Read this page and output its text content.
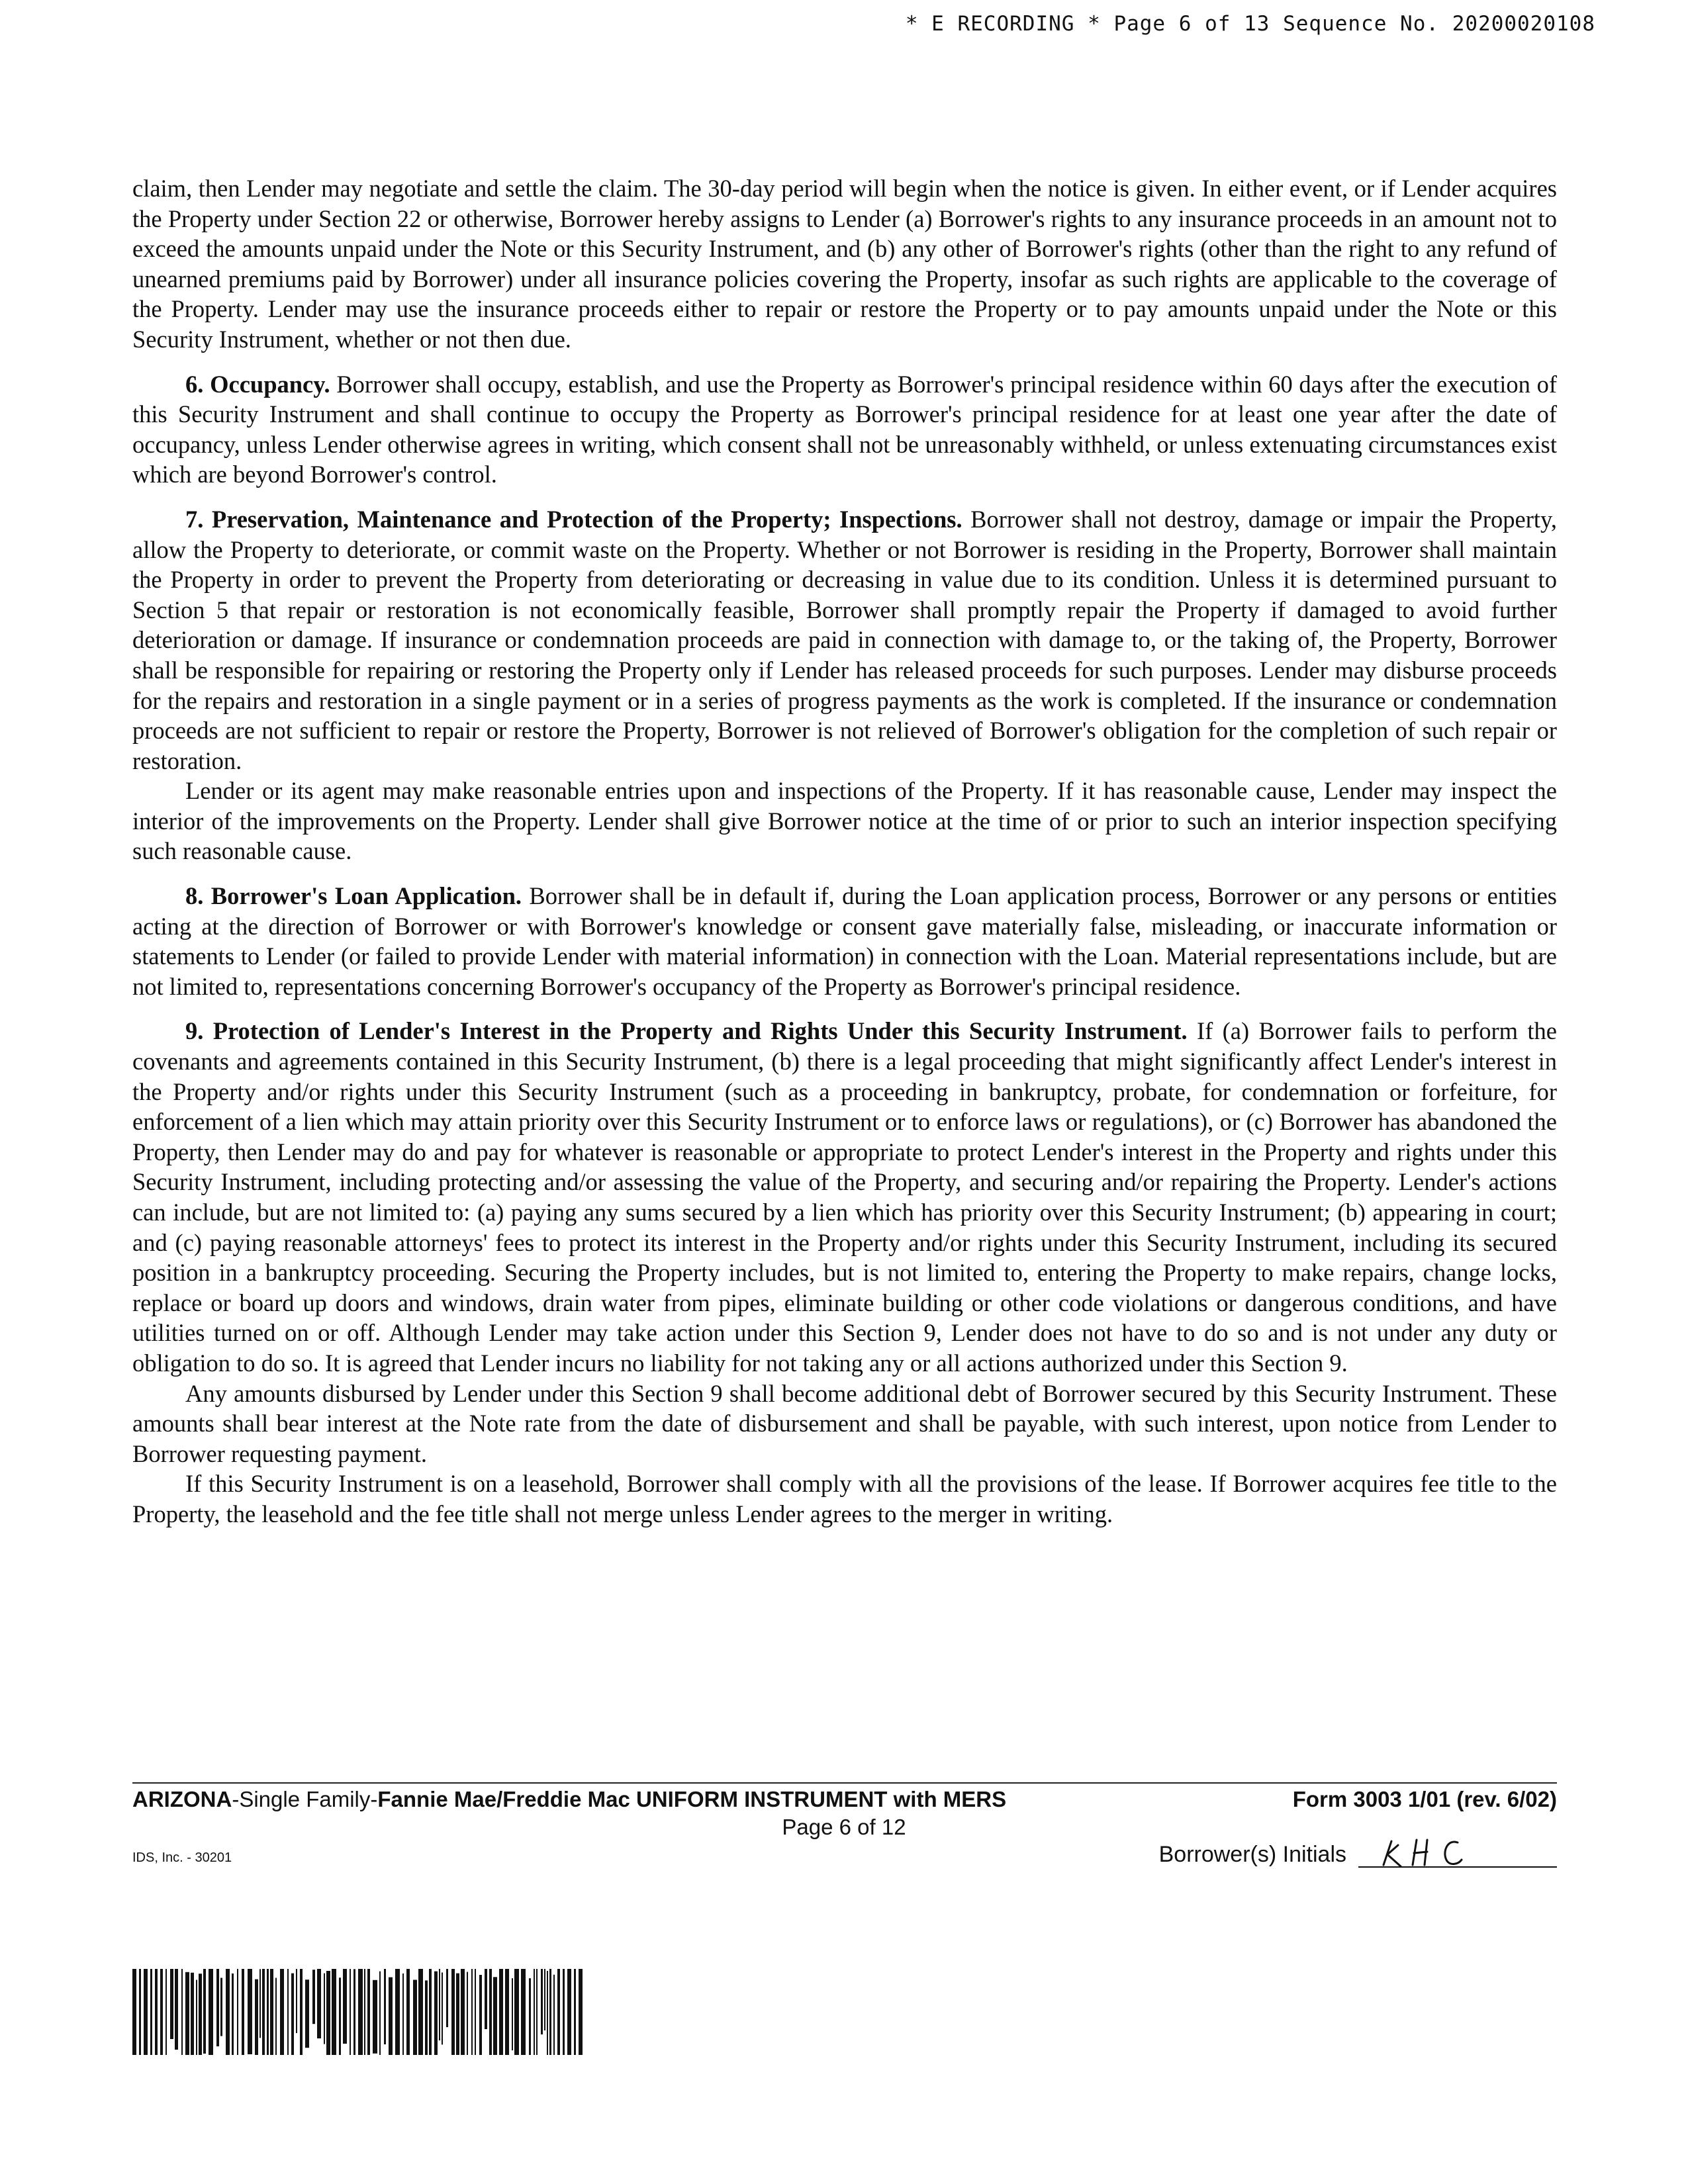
* E RECORDING * Page 6 of 13 Sequence No. 20200020108

claim, then Lender may negotiate and settle the claim. The 30-day period will begin when the notice is given. In either event, or if Lender acquires the Property under Section 22 or otherwise, Borrower hereby assigns to Lender (a) Borrower's rights to any insurance proceeds in an amount not to exceed the amounts unpaid under the Note or this Security Instrument, and (b) any other of Borrower's rights (other than the right to any refund of unearned premiums paid by Borrower) under all insurance policies covering the Property, insofar as such rights are applicable to the coverage of the Property. Lender may use the insurance proceeds either to repair or restore the Property or to pay amounts unpaid under the Note or this Security Instrument, whether or not then due.

6. Occupancy. Borrower shall occupy, establish, and use the Property as Borrower's principal residence within 60 days after the execution of this Security Instrument and shall continue to occupy the Property as Borrower's principal residence for at least one year after the date of occupancy, unless Lender otherwise agrees in writing, which consent shall not be unreasonably withheld, or unless extenuating circumstances exist which are beyond Borrower's control.

7. Preservation, Maintenance and Protection of the Property; Inspections. Borrower shall not destroy, damage or impair the Property, allow the Property to deteriorate, or commit waste on the Property. Whether or not Borrower is residing in the Property, Borrower shall maintain the Property in order to prevent the Property from deteriorating or decreasing in value due to its condition. Unless it is determined pursuant to Section 5 that repair or restoration is not economically feasible, Borrower shall promptly repair the Property if damaged to avoid further deterioration or damage. If insurance or condemnation proceeds are paid in connection with damage to, or the taking of, the Property, Borrower shall be responsible for repairing or restoring the Property only if Lender has released proceeds for such purposes. Lender may disburse proceeds for the repairs and restoration in a single payment or in a series of progress payments as the work is completed. If the insurance or condemnation proceeds are not sufficient to repair or restore the Property, Borrower is not relieved of Borrower's obligation for the completion of such repair or restoration.

Lender or its agent may make reasonable entries upon and inspections of the Property. If it has reasonable cause, Lender may inspect the interior of the improvements on the Property. Lender shall give Borrower notice at the time of or prior to such an interior inspection specifying such reasonable cause.

8. Borrower's Loan Application. Borrower shall be in default if, during the Loan application process, Borrower or any persons or entities acting at the direction of Borrower or with Borrower's knowledge or consent gave materially false, misleading, or inaccurate information or statements to Lender (or failed to provide Lender with material information) in connection with the Loan. Material representations include, but are not limited to, representations concerning Borrower's occupancy of the Property as Borrower's principal residence.

9. Protection of Lender's Interest in the Property and Rights Under this Security Instrument. If (a) Borrower fails to perform the covenants and agreements contained in this Security Instrument, (b) there is a legal proceeding that might significantly affect Lender's interest in the Property and/or rights under this Security Instrument (such as a proceeding in bankruptcy, probate, for condemnation or forfeiture, for enforcement of a lien which may attain priority over this Security Instrument or to enforce laws or regulations), or (c) Borrower has abandoned the Property, then Lender may do and pay for whatever is reasonable or appropriate to protect Lender's interest in the Property and rights under this Security Instrument, including protecting and/or assessing the value of the Property, and securing and/or repairing the Property. Lender's actions can include, but are not limited to: (a) paying any sums secured by a lien which has priority over this Security Instrument; (b) appearing in court; and (c) paying reasonable attorneys' fees to protect its interest in the Property and/or rights under this Security Instrument, including its secured position in a bankruptcy proceeding. Securing the Property includes, but is not limited to, entering the Property to make repairs, change locks, replace or board up doors and windows, drain water from pipes, eliminate building or other code violations or dangerous conditions, and have utilities turned on or off. Although Lender may take action under this Section 9, Lender does not have to do so and is not under any duty or obligation to do so. It is agreed that Lender incurs no liability for not taking any or all actions authorized under this Section 9.

Any amounts disbursed by Lender under this Section 9 shall become additional debt of Borrower secured by this Security Instrument. These amounts shall bear interest at the Note rate from the date of disbursement and shall be payable, with such interest, upon notice from Lender to Borrower requesting payment.

If this Security Instrument is on a leasehold, Borrower shall comply with all the provisions of the lease. If Borrower acquires fee title to the Property, the leasehold and the fee title shall not merge unless Lender agrees to the merger in writing.

ARIZONA-Single Family-Fannie Mae/Freddie Mac UNIFORM INSTRUMENT with MERS	Form 3003 1/01 (rev. 6/02)
Page 6 of 12
IDS, Inc. - 30201	Borrower(s) Initials
